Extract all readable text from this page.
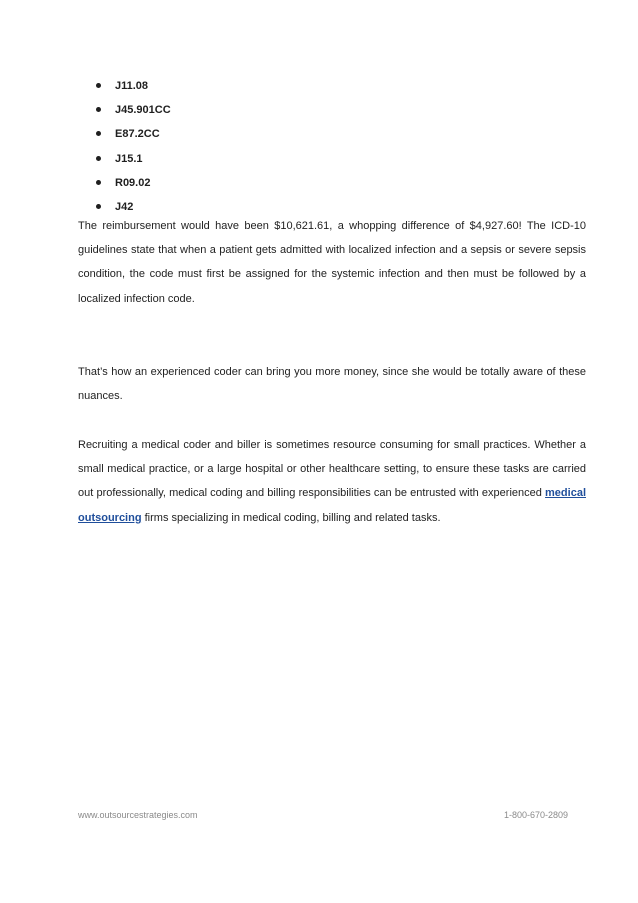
J11.08
J45.901CC
E87.2CC
J15.1
R09.02
J42

The reimbursement would have been $10,621.61, a whopping difference of $4,927.60! The ICD-10 guidelines state that when a patient gets admitted with localized infection and a sepsis or severe sepsis condition, the code must first be assigned for the systemic infection and then must be followed by a localized infection code.

That’s how an experienced coder can bring you more money, since she would be totally aware of these nuances.

Recruiting a medical coder and biller is sometimes resource consuming for small practices. Whether a small medical practice, or a large hospital or other healthcare setting, to ensure these tasks are carried out professionally, medical coding and billing responsibilities can be entrusted with experienced medical outsourcing firms specializing in medical coding, billing and related tasks.

www.outsourcestrategies.com	1-800-670-2809
